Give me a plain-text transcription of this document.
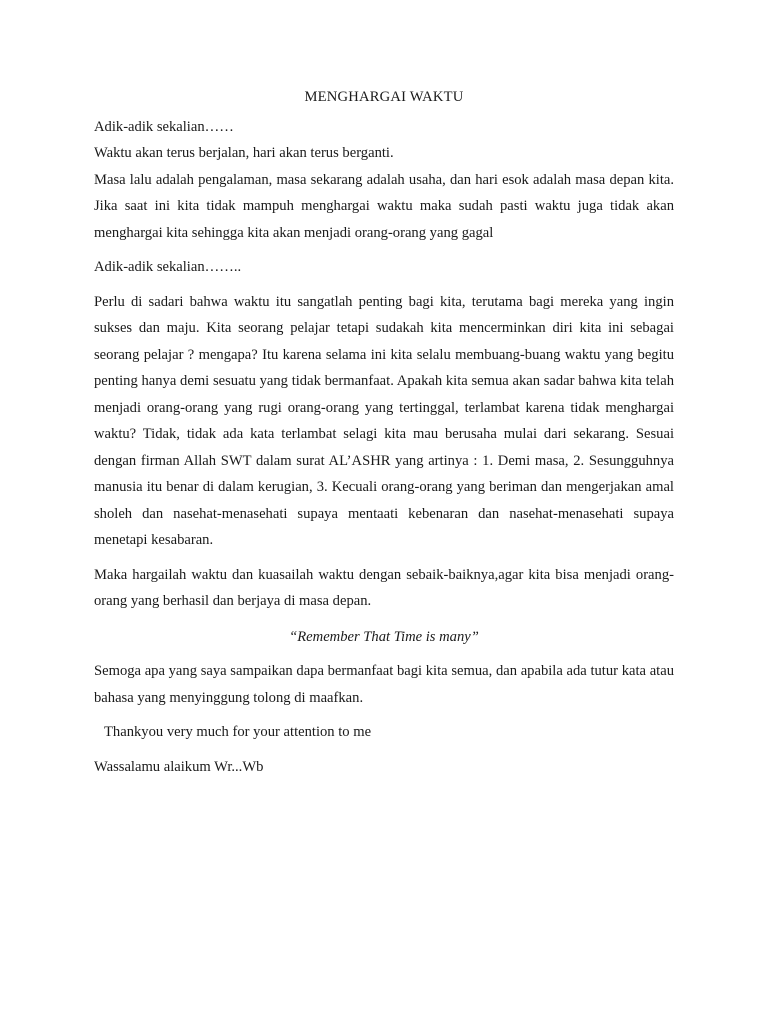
MENGHARGAI WAKTU

Adik-adik sekalian……

Waktu akan terus berjalan, hari akan terus berganti.

Masa lalu adalah pengalaman, masa sekarang adalah usaha, dan hari esok adalah masa depan kita. Jika saat ini kita tidak mampuh menghargai waktu maka sudah pasti waktu juga tidak akan menghargai kita sehingga kita akan menjadi orang-orang yang gagal

Adik-adik sekalian……..

Perlu di sadari bahwa waktu itu sangatlah penting bagi kita, terutama bagi mereka yang ingin sukses dan maju. Kita seorang pelajar tetapi sudakah kita mencerminkan diri kita ini sebagai seorang pelajar ? mengapa? Itu karena selama ini kita selalu membuang-buang waktu yang begitu penting hanya demi sesuatu yang tidak bermanfaat. Apakah kita semua akan sadar bahwa kita telah menjadi orang-orang yang rugi orang-orang yang tertinggal, terlambat karena tidak menghargai waktu? Tidak, tidak ada kata terlambat selagi kita mau berusaha mulai dari sekarang. Sesuai dengan firman Allah SWT dalam surat AL’ASHR yang artinya : 1. Demi masa, 2. Sesungguhnya manusia itu benar di dalam kerugian, 3. Kecuali orang-orang yang beriman dan mengerjakan amal sholeh dan nasehat-menasehati supaya mentaati kebenaran dan nasehat-menasehati supaya menetapi kesabaran.

Maka hargailah waktu dan kuasailah waktu dengan sebaik-baiknya,agar kita bisa menjadi orang-orang yang berhasil dan berjaya di masa depan.

“Remember That Time is many”

Semoga apa yang saya sampaikan dapa bermanfaat bagi kita semua, dan apabila ada tutur kata atau bahasa yang menyinggung tolong di maafkan.

Thankyou very much for your attention to me

Wassalamu alaikum Wr...Wb
